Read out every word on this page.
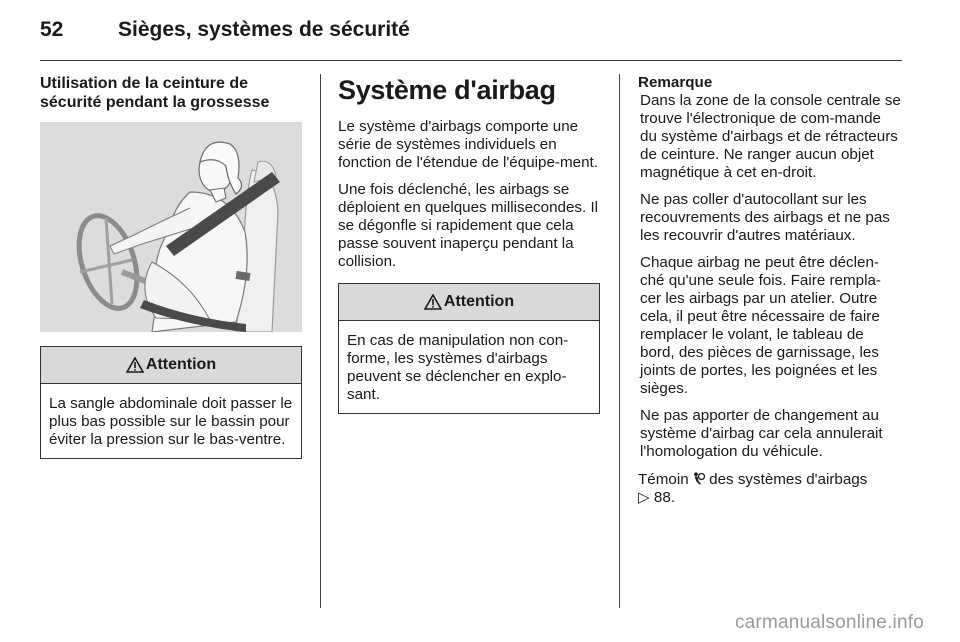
52	Sièges, systèmes de sécurité
Utilisation de la ceinture de sécurité pendant la grossesse
Attention
La sangle abdominale doit passer le plus bas possible sur le bassin pour éviter la pression sur le bas-ventre.
Système d'airbag

Le système d'airbags comporte une série de systèmes individuels en fonction de l'étendue de l'équipe-ment.

Une fois déclenché, les airbags se déploient en quelques millisecondes. Il se dégonfle si rapidement que cela passe souvent inaperçu pendant la collision.

Attention
En cas de manipulation non con-forme, les systèmes d'airbags peuvent se déclencher en explo-sant.
Remarque

Dans la zone de la console centrale se trouve l'électronique de com-mande du système d'airbags et de rétracteurs de ceinture. Ne ranger aucun objet magnétique à cet en-droit.

Ne pas coller d'autocollant sur les recouvrements des airbags et ne pas les recouvrir d'autres matériaux.

Chaque airbag ne peut être déclen-ché qu'une seule fois. Faire rempla-cer les airbags par un atelier. Outre cela, il peut être nécessaire de faire remplacer le volant, le tableau de bord, des pièces de garnissage, les joints de portes, les poignées et les sièges.

Ne pas apporter de changement au système d'airbag car cela annulerait l'homologation du véhicule.

Témoin des systèmes d'airbags
▷ 88.

carmanualsonline.info
